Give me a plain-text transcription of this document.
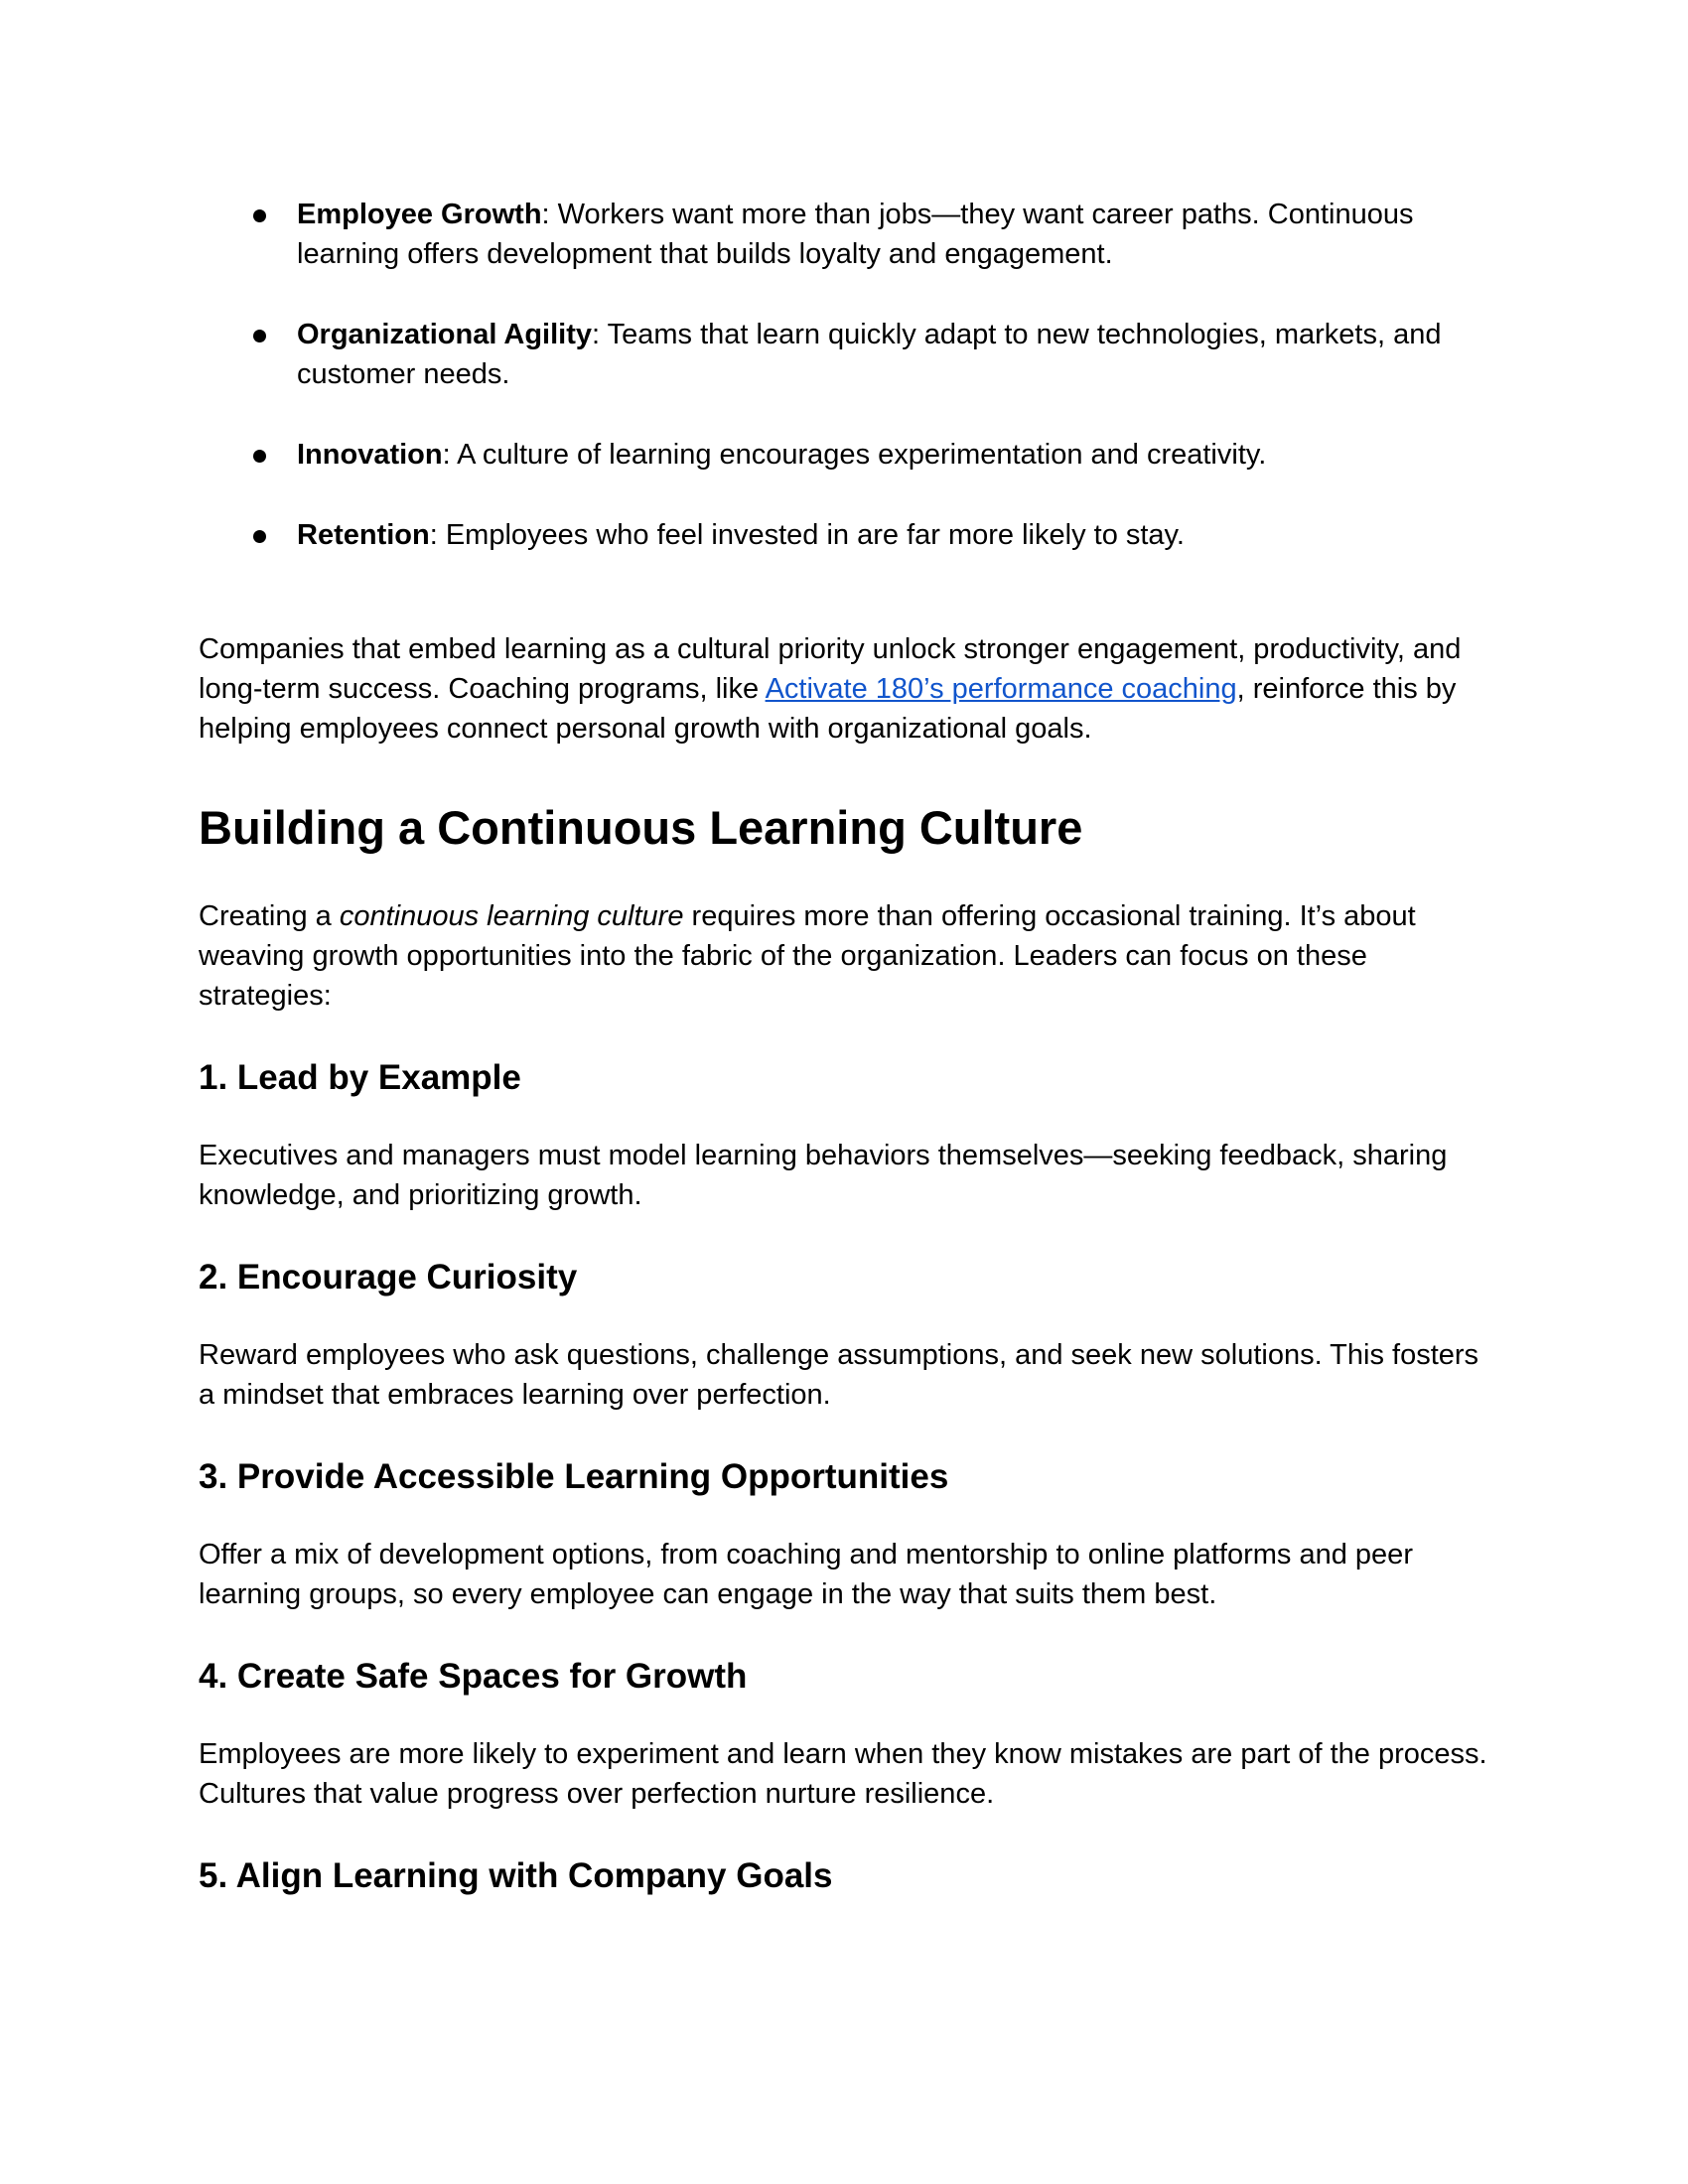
Employee Growth: Workers want more than jobs—they want career paths. Continuous learning offers development that builds loyalty and engagement.
Organizational Agility: Teams that learn quickly adapt to new technologies, markets, and customer needs.
Innovation: A culture of learning encourages experimentation and creativity.
Retention: Employees who feel invested in are far more likely to stay.

Companies that embed learning as a cultural priority unlock stronger engagement, productivity, and long-term success. Coaching programs, like Activate 180’s performance coaching, reinforce this by helping employees connect personal growth with organizational goals.

Building a Continuous Learning Culture

Creating a continuous learning culture requires more than offering occasional training. It’s about weaving growth opportunities into the fabric of the organization. Leaders can focus on these strategies:

1. Lead by Example

Executives and managers must model learning behaviors themselves—seeking feedback, sharing knowledge, and prioritizing growth.

2. Encourage Curiosity

Reward employees who ask questions, challenge assumptions, and seek new solutions. This fosters a mindset that embraces learning over perfection.

3. Provide Accessible Learning Opportunities

Offer a mix of development options, from coaching and mentorship to online platforms and peer learning groups, so every employee can engage in the way that suits them best.

4. Create Safe Spaces for Growth

Employees are more likely to experiment and learn when they know mistakes are part of the process. Cultures that value progress over perfection nurture resilience.

5. Align Learning with Company Goals
